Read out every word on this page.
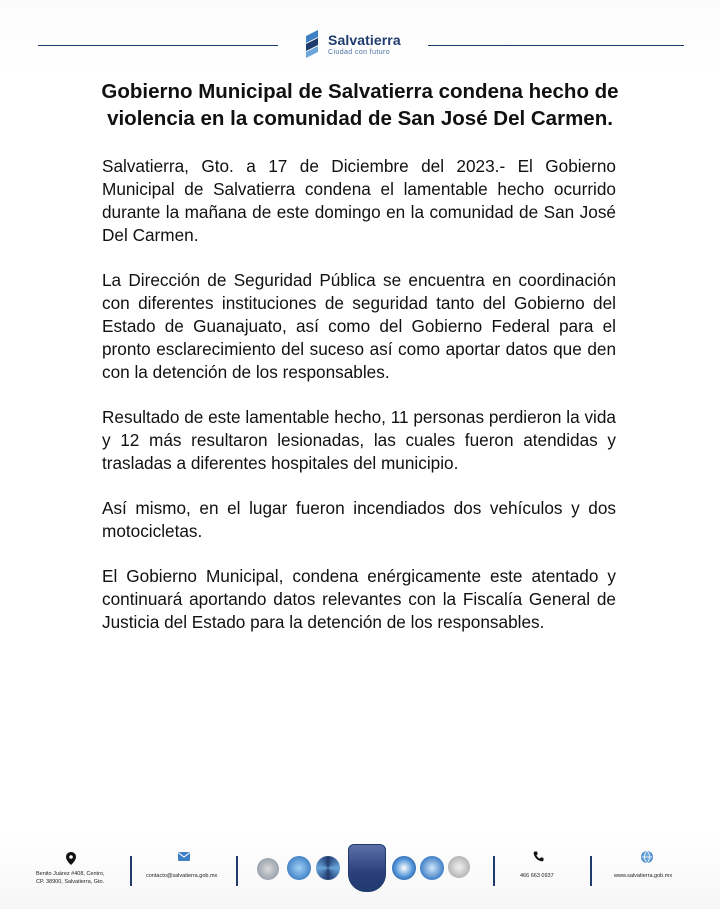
Salvatierra
Ciudad con futuro
Gobierno Municipal de Salvatierra condena hecho de violencia en la comunidad de San José Del Carmen.

Salvatierra, Gto. a 17 de Diciembre del 2023.- El Gobierno Municipal de Salvatierra condena el lamentable hecho ocurrido durante la mañana de este domingo en la comunidad de San José Del Carmen.

La Dirección de Seguridad Pública se encuentra en coordinación con diferentes instituciones de seguridad tanto del Gobierno del Estado de Guanajuato, así como del Gobierno Federal para el pronto esclarecimiento del suceso así como aportar datos que den con la detención de los responsables.

Resultado de este lamentable hecho, 11 personas perdieron la vida y 12 más resultaron lesionadas, las cuales fueron atendidas y trasladas a diferentes hospitales del municipio.

Así mismo, en el lugar fueron incendiados dos vehículos y dos motocicletas.

El Gobierno Municipal, condena enérgicamente este atentado y continuará aportando datos relevantes con la Fiscalía General de Justicia del Estado para la detención de los responsables.

Benito Juárez #408, Centro,
CP. 38900, Salvatierra, Gto.
contacto@salvatierra.gob.mx	466 663 0937	www.salvatierra.gob.mx
